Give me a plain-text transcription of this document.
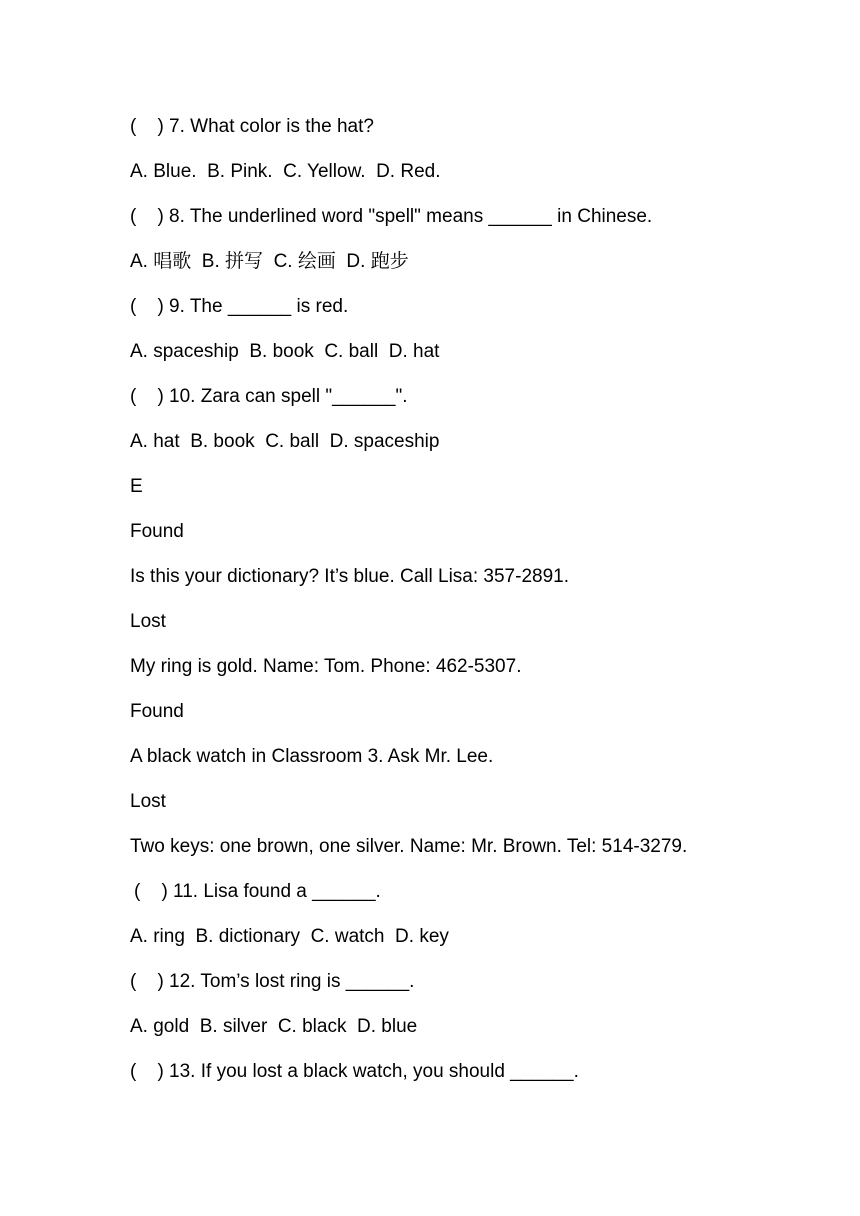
(    ) 7. What color is the hat?
A. Blue.  B. Pink.  C. Yellow.  D. Red.
(    ) 8. The underlined word "spell" means ______ in Chinese.
A. 唱歌  B. 拼写  C. 绘画  D. 跑步
(    ) 9. The ______ is red.
A. spaceship  B. book  C. ball  D. hat
(    ) 10. Zara can spell "______".
A. hat  B. book  C. ball  D. spaceship
E
Found
Is this your dictionary? It’s blue. Call Lisa: 357-2891.
Lost
My ring is gold. Name: Tom. Phone: 462-5307.
Found
A black watch in Classroom 3. Ask Mr. Lee.
Lost
Two keys: one brown, one silver. Name: Mr. Brown. Tel: 514-3279.
(    ) 11. Lisa found a ______.
A. ring  B. dictionary  C. watch  D. key
(    ) 12. Tom’s lost ring is ______.
A. gold  B. silver  C. black  D. blue
(    ) 13. If you lost a black watch, you should ______.
